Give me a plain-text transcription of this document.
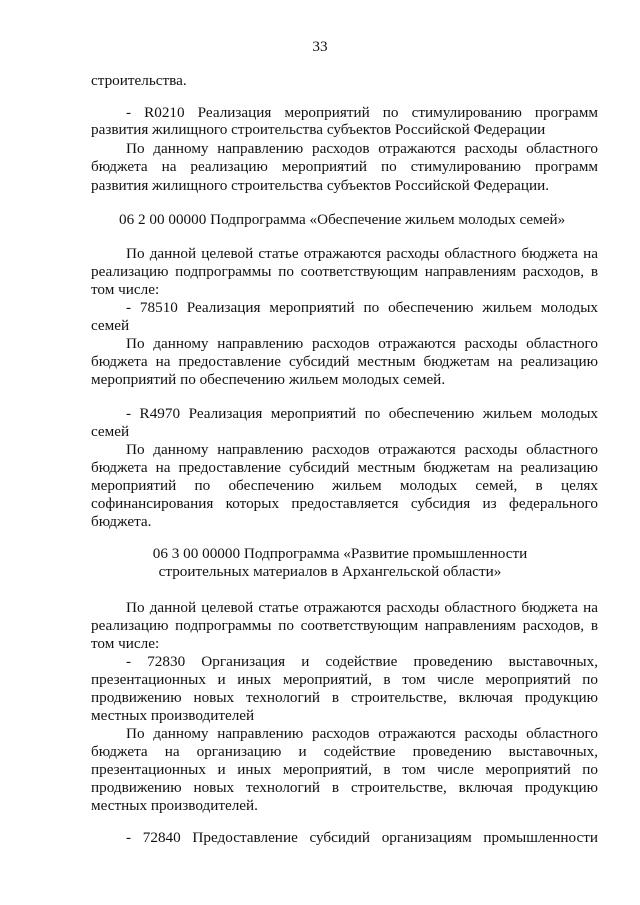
33
строительства.
- R0210 Реализация мероприятий по стимулированию программ
развития жилищного строительства субъектов Российской Федерации
По данному направлению расходов отражаются расходы областного
бюджета на реализацию мероприятий по стимулированию программ
развития жилищного строительства субъектов Российской Федерации.
06 2 00 00000 Подпрограмма «Обеспечение жильем молодых семей»
По данной целевой статье отражаются расходы областного бюджета на
реализацию подпрограммы по соответствующим направлениям расходов, в
том числе:
- 78510 Реализация мероприятий по обеспечению жильем молодых
семей
По данному направлению расходов отражаются расходы областного
бюджета на предоставление субсидий местным бюджетам на реализацию
мероприятий по обеспечению жильем молодых семей.
- R4970 Реализация мероприятий по обеспечению жильем молодых
семей
По данному направлению расходов отражаются расходы областного
бюджета на предоставление субсидий местным бюджетам на реализацию
мероприятий по обеспечению жильем молодых семей, в целях
софинансирования которых предоставляется субсидия из федерального
бюджета.
06 3 00 00000 Подпрограмма «Развитие промышленности
строительных материалов в Архангельской области»
По данной целевой статье отражаются расходы областного бюджета на
реализацию подпрограммы по соответствующим направлениям расходов, в
том числе:
- 72830 Организация и содействие проведению выставочных,
презентационных и иных мероприятий, в том числе мероприятий по
продвижению новых технологий в строительстве, включая продукцию
местных производителей
По данному направлению расходов отражаются расходы областного
бюджета на организацию и содействие проведению выставочных,
презентационных и иных мероприятий, в том числе мероприятий по
продвижению новых технологий в строительстве, включая продукцию
местных производителей.
- 72840 Предоставление субсидий организациям промышленности
